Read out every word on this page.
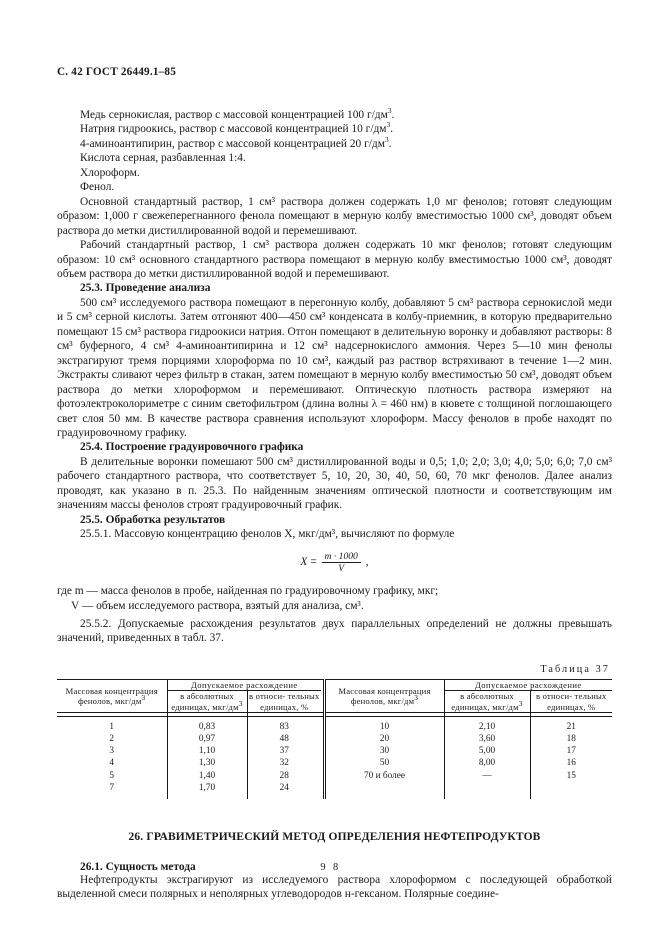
С. 42 ГОСТ 26449.1‒85
Медь сернокислая, раствор с массовой концентрацией 100 $г/дм^3$.
Натрия гидроокись, раствор с массовой концентрацией 10 $г/дм^3$.
4-аминоантипирин, раствор с массовой концентрацией 20 $г/дм^3$.
Кислота серная, разбавленная 1:4.
Хлороформ.
Фенол.

Основной стандартный раствор, 1 см³ раствора должен содержать 1,0 мг фенолов; готовят следующим образом: 1,000 г свежеперегнанного фенола помещают в мерную колбу вместимостью 1000 см³, доводят объем раствора до метки дистиллированной водой и перемешивают.

Рабочий стандартный раствор, 1 см³ раствора должен содержать 10 мкг фенолов; готовят следующим образом: 10 см³ основного стандартного раствора помещают в мерную колбу вместимостью 1000 см³, доводят объем раствора до метки дистиллированной водой и перемешивают.

25.3. Проведение анализа

500 см³ исследуемого раствора помещают в перегонную колбу, добавляют 5 см³ раствора сернокислой меди и 5 см³ серной кислоты. Затем отгоняют 400—450 см³ конденсата в колбу-приемник, в которую предварительно помещают 15 см³ раствора гидроокиси натрия. Отгон помещают в делительную воронку и добавляют растворы: 8 см³ буферного, 4 см³ 4-аминоантипирина и 12 см³ надсернокислого аммония. Через 5—10 мин фенолы экстрагируют тремя порциями хлороформа по 10 см³, каждый раз раствор встряхивают в течение 1—2 мин. Экстракты сливают через фильтр в стакан, затем помещают в мерную колбу вместимостью 50 см³, доводят объем раствора до метки хлороформом и перемешивают. Оптическую плотность раствора измеряют на фотоэлектроколориметре с синим светофильтром (длина волны λ = 460 нм) в кювете с толщиной поглошающего свет слоя 50 мм. В качестве раствора сравнения используют хлороформ. Массу фенолов в пробе находят по градуировочному графику.

25.4. Построение градуировочного графика

В делительные воронки помешают 500 см³ дистиллированной воды и 0,5; 1,0; 2,0; 3,0; 4,0; 5,0; 6,0; 7,0 см³ рабочего стандартного раствора, что соответствует 5, 10, 20, 30, 40, 50, 60, 70 мкг фенолов. Далее анализ проводят, как указано в п. 25.3. По найденным значениям оптической плотности и соответствующим им значениям массы фенолов строят градуировочный график.

25.5. Обработка результатов

25.5.1. Массовую концентрацию фенолов X, мкг/дм³, вычисляют по формуле

$X = \frac{m \cdot 1000}{V}$ ,

где m — масса фенолов в пробе, найденная по градуировочному графику, мкг;

V — объем исследуемого раствора, взятый для анализа, см³.

25.5.2. Допускаемые расхождения результатов двух параллельных определений не должны превышать значений, приведенных в табл. 37.

Таблица 37
Массовая концентрация фенолов, мкг/$дм^3$	Допускаемое расхождение			Массовая концентрация фенолов, мкг/$дм^3$	Допускаемое расхождение	
	в абсолютных единицах, мкг/$дм^3$	в относи- тельных единицах, %			в абсолютных единицах, мкг/$дм^3$	в относи- тельных единицах, %

1	0,83	83		10	2,10	21
2	0,97	48		20	3,60	18
3	1,10	37		30	5,00	17
4	1,30	32		50	8,00	16
5	1,40	28		70 и более	—	15
7	1,70	24				
26. ГРАВИМЕТРИЧЕСКИЙ МЕТОД ОПРЕДЕЛЕНИЯ НЕФТЕПРОДУКТОВ
26.1. Сущность метода

Нефтепродукты экстрагируют из исследуемого раствора хлороформом с последующей обработкой выделенной смеси полярных и неполярных углеводородов н-гексаном. Полярные соедине-

9 8
